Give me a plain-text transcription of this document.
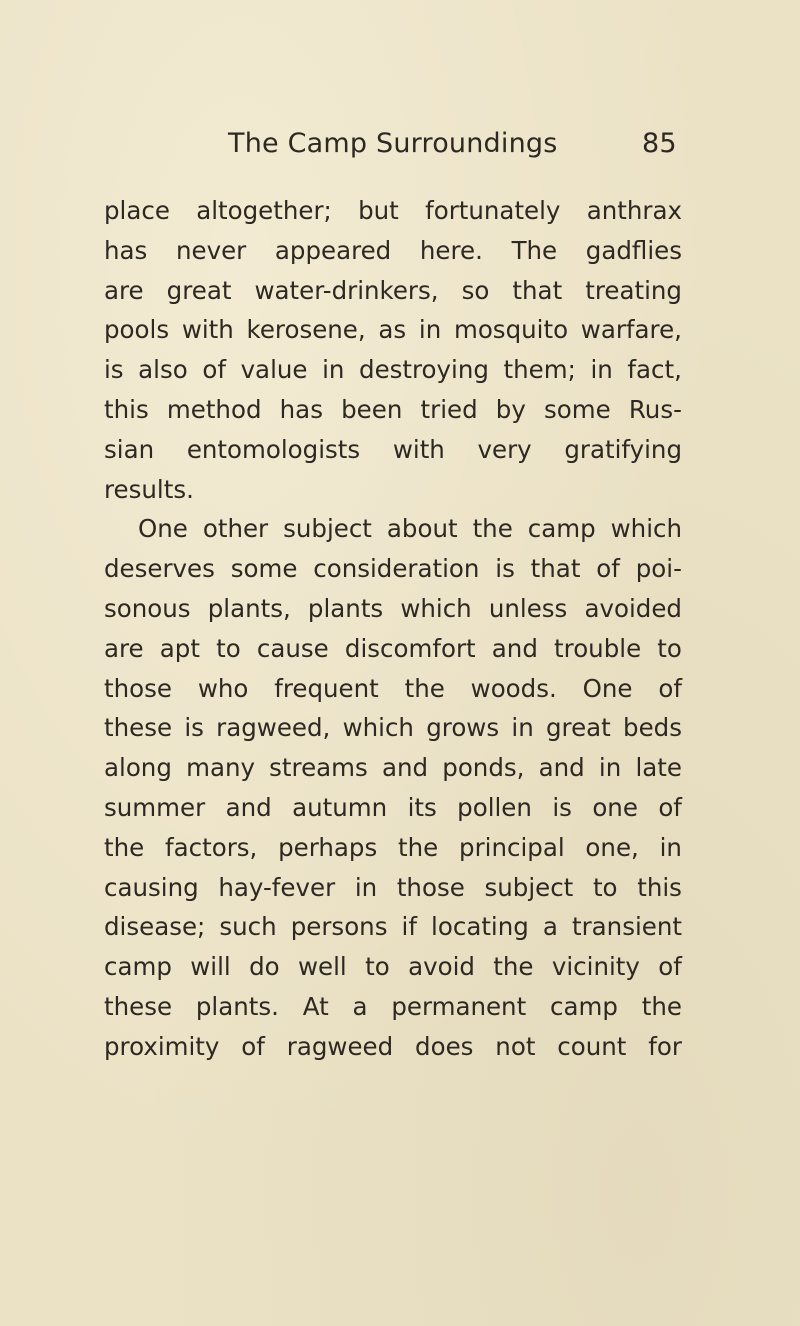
The Camp Surroundings	85
place altogether; but fortunately anthrax
has never appeared here. The gadflies
are great water-drinkers, so that treating
pools with kerosene, as in mosquito warfare,
is also of value in destroying them; in fact,
this method has been tried by some Rus-
sian entomologists with very gratifying
results.
One other subject about the camp which
deserves some consideration is that of poi-
sonous plants, plants which unless avoided
are apt to cause discomfort and trouble to
those who frequent the woods. One of
these is ragweed, which grows in great beds
along many streams and ponds, and in late
summer and autumn its pollen is one of
the factors, perhaps the principal one, in
causing hay-fever in those subject to this
disease; such persons if locating a transient
camp will do well to avoid the vicinity of
these plants. At a permanent camp the
proximity of ragweed does not count for
